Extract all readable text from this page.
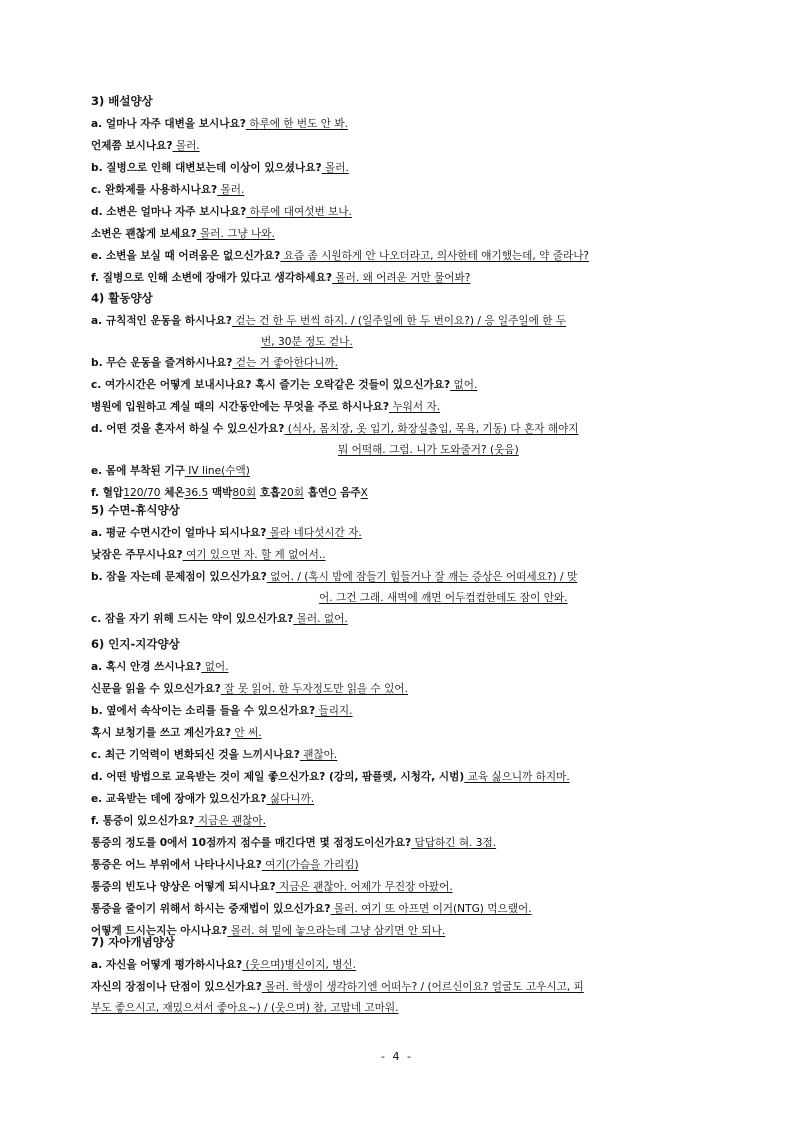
3) 배설양상
a. 얼마나 자주 대변을 보시나요? 하루에 한 번도 안 봐.
언제쯤 보시나요? 몰러.
b. 질병으로 인해 대변보는데 이상이 있으셨나요? 몰러.
c. 완화제를 사용하시나요? 몰러.
d. 소변은 얼마나 자주 보시나요? 하루에 대여섯번 보나.
소변은 괜찮게 보세요? 몰러. 그냥 나와.
e. 소변을 보실 때 어려움은 없으신가요? 요즘 좀 시원하게 안 나오더라고, 의사한테 얘기했는데, 약 줄라나?
f. 질병으로 인해 소변에 장애가 있다고 생각하세요? 몰러. 왜 어려운 거만 물어봐?
4) 활동양상
a. 규칙적인 운동을 하시나요? 걷는 건 한 두 번씩 하지. / (일주일에 한 두 번이요?) / 응 일주일에 한 두
번, 30분 정도 걷나.
b. 무슨 운동을 즐겨하시나요? 걷는 거 좋아한다니까.
c. 여가시간은 어떻게 보내시나요? 혹시 즐기는 오락같은 것들이 있으신가요? 없어.
병원에 입원하고 계실 때의 시간동안에는 무엇을 주로 하시나요? 누워서 자.
d. 어떤 것을 혼자서 하실 수 있으신가요? (식사, 몸치장, 옷 입기, 화장실출입, 목욕, 기동) 다 혼자 해야지
뭐 어떡해. 그럼. 니가 도와줄거? (웃음)
e. 몸에 부착된 기구 IV line(수액)
f. 혈압120/70 체온36.5 맥박80회 호흡20회 흡연O 음주X
5) 수면-휴식양상
a. 평균 수면시간이 얼마나 되시나요? 몰라 네다섯시간 자.
낮잠은 주무시나요? 여기 있으면 자. 할 게 없어서..
b. 잠을 자는데 문제점이 있으신가요? 없어. / (혹시 밤에 잠들기 힘들거나 잘 깨는 증상은 어떠세요?) / 맞
어. 그건 그래. 새벽에 깨면 어두컴컴한데도 잠이 안와.
c. 잠을 자기 위해 드시는 약이 있으신가요? 몰러. 없어.
6) 인지-지각양상
a. 혹시 안경 쓰시나요? 없어.
신문을 읽을 수 있으신가요? 잘 못 읽어. 한 두자정도만 읽을 수 있어.
b. 옆에서 속삭이는 소리를 들을 수 있으신가요? 들리지.
혹시 보청기를 쓰고 계신가요? 안 써.
c. 최근 기억력이 변화되신 것을 느끼시나요? 괜찮아.
d. 어떤 방법으로 교육받는 것이 제일 좋으신가요? (강의, 팜플렛, 시청각, 시범) 교육 싫으니까 하지마.
e. 교육받는 데에 장애가 있으신가요? 싫다니까.
f. 통증이 있으신가요? 지금은 괜찮아.
통증의 정도를 0에서 10점까지 점수를 매긴다면 몇 점정도이신가요? 답답하긴 혀. 3점.
통증은 어느 부위에서 나타나시나요? 여기(가슴을 가리킴)
통증의 빈도나 양상은 어떻게 되시나요? 지금은 괜찮아. 어제가 무진장 아팠어.
통증을 줄이기 위해서 하시는 중재법이 있으신가요? 몰러. 여기 또 아프면 이거(NTG) 먹으랬어.
어떻게 드시는지는 아시나요? 몰러. 혀 밑에 놓으라는데 그냥 삼키면 안 되나.
7) 자아개념양상
a. 자신을 어떻게 평가하시나요? (웃으며)병신이지, 병신.
자신의 장점이나 단점이 있으신가요? 몰러. 학생이 생각하기엔 어떠누? / (어르신이요? 얼굴도 고우시고, 피
부도 좋으시고, 재밌으셔서 좋아요~) / (웃으며) 참, 고맙네 고마워.
- 4 -
